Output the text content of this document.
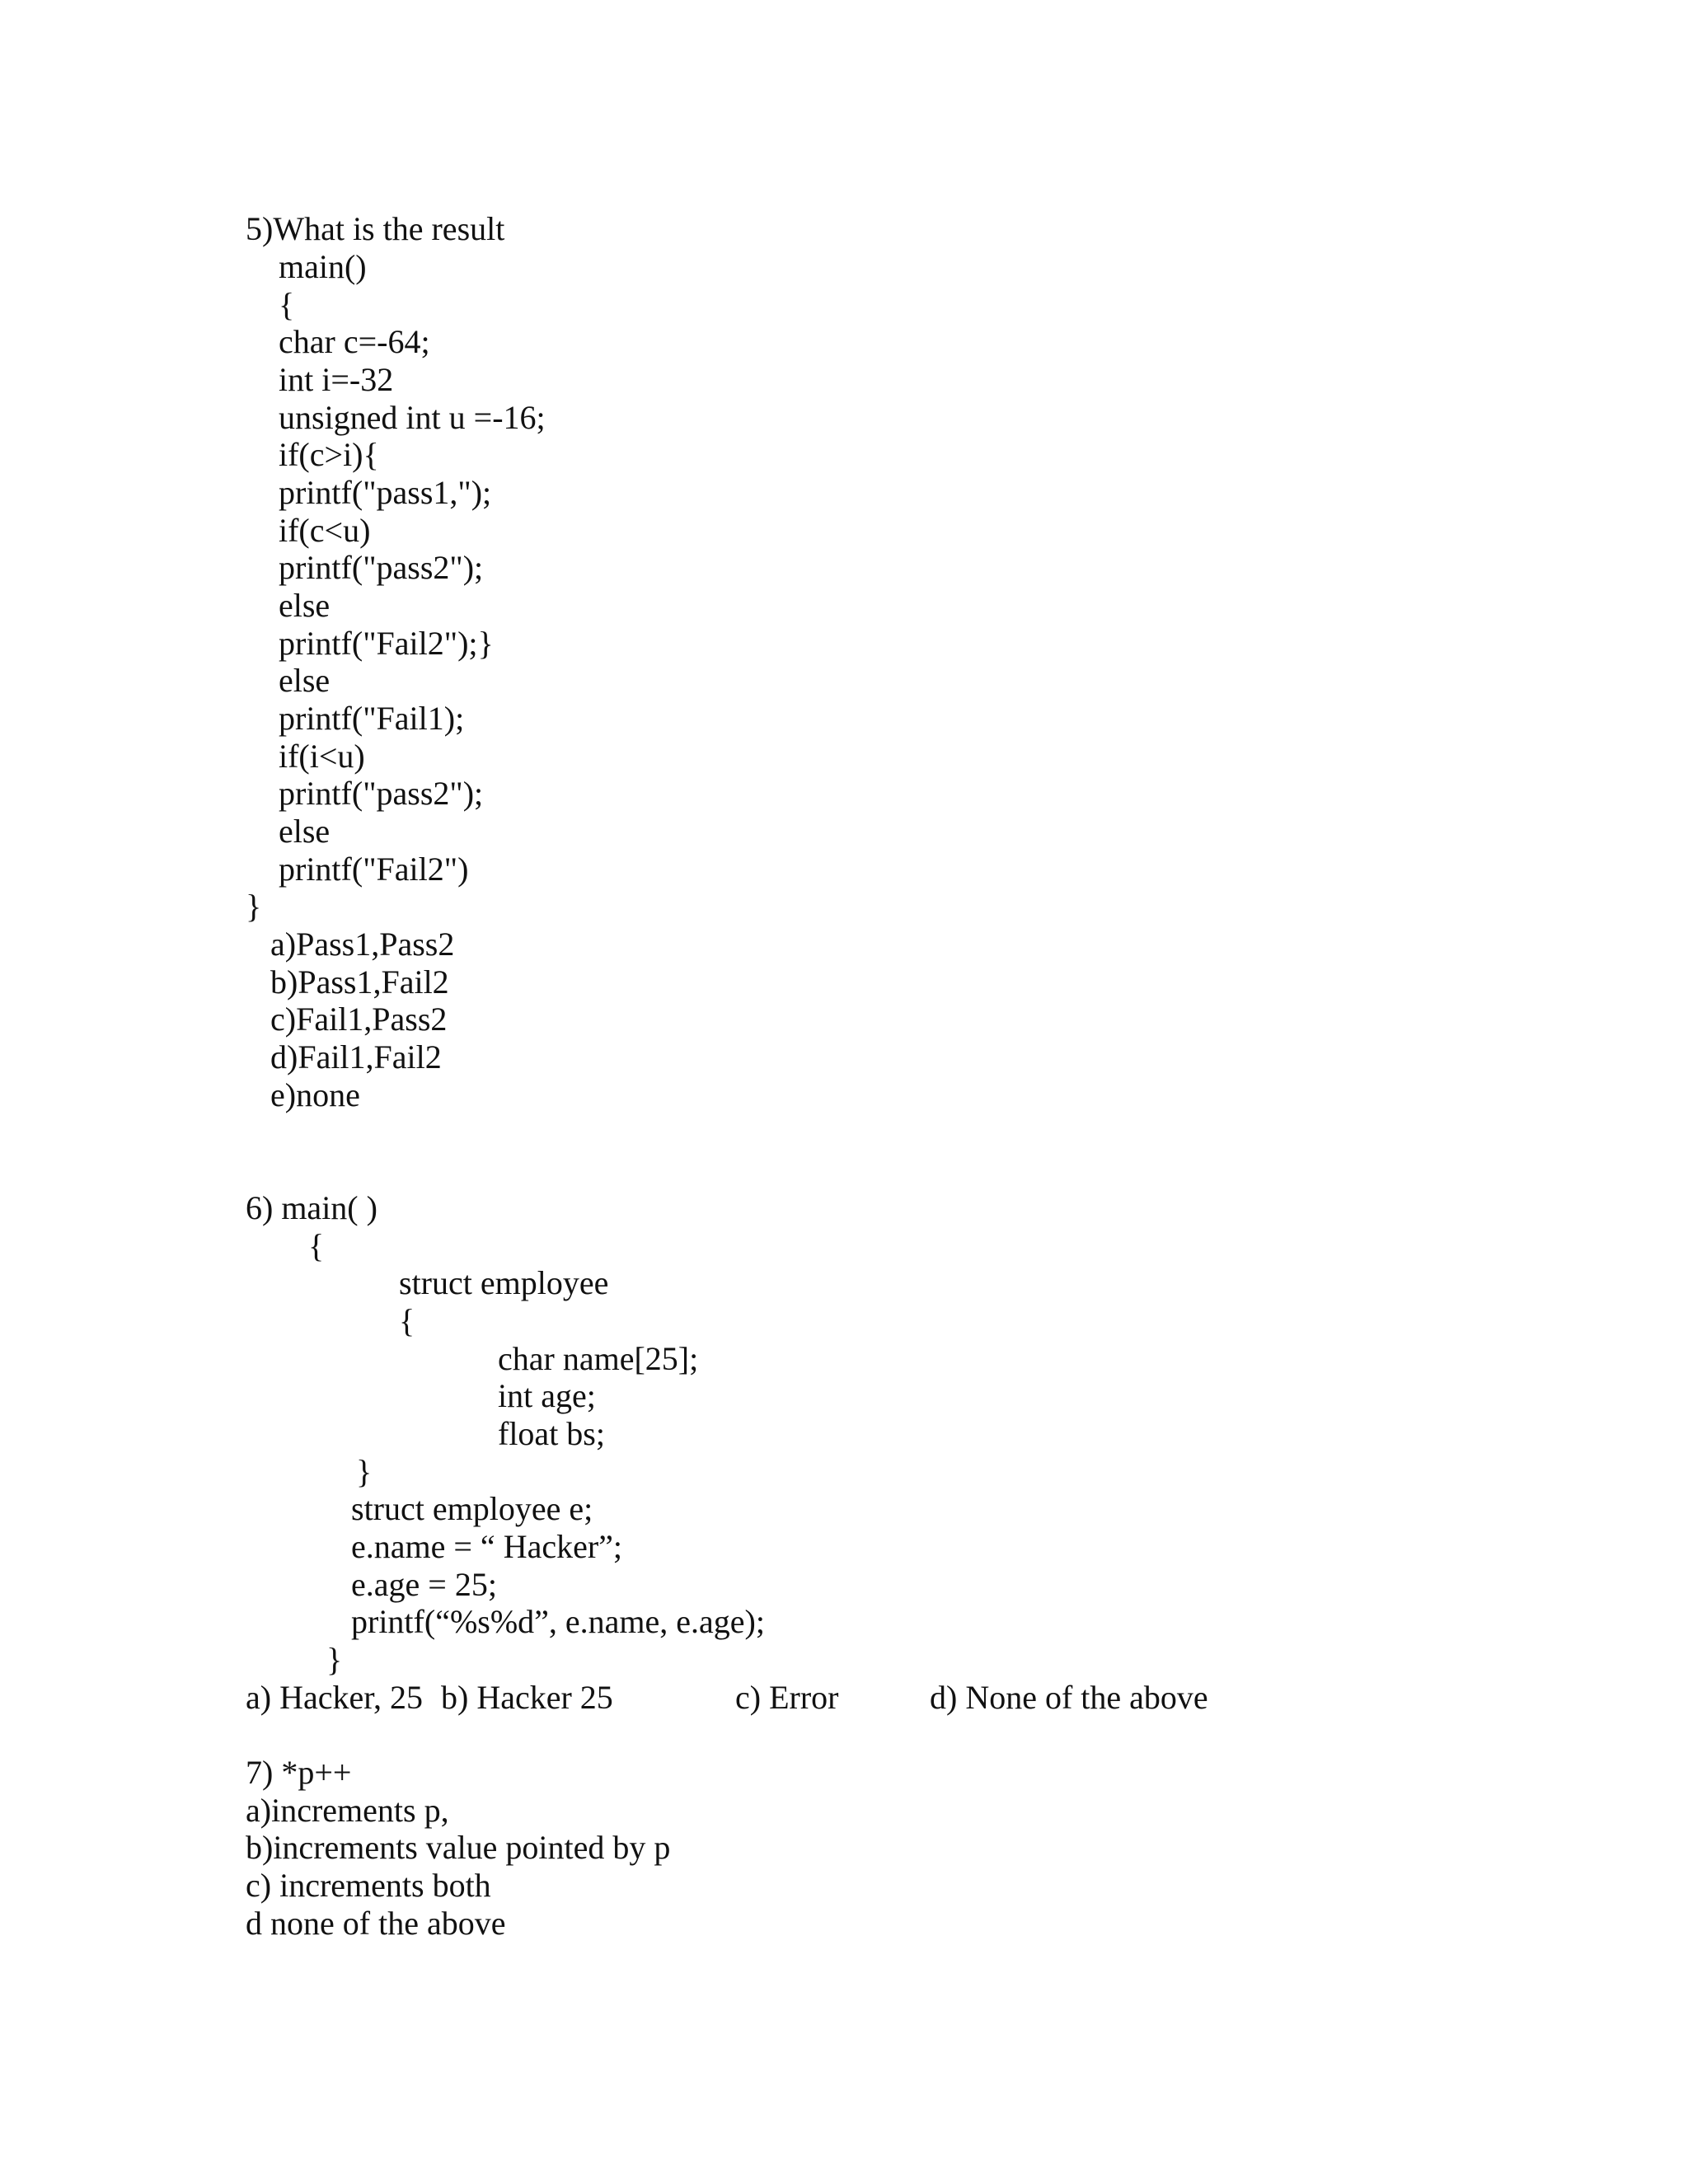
5)What is the result
main()
{
char c=-64;
int i=-32
unsigned int u =-16;
if(c>i){
printf("pass1,");
if(c<u)
printf("pass2");
else
printf("Fail2");}
else
printf("Fail1);
if(i<u)
printf("pass2");
else
printf("Fail2")
}
a)Pass1,Pass2
b)Pass1,Fail2
c)Fail1,Pass2
d)Fail1,Fail2
e)none
6) main( )
{
struct employee
{
char name[25];
int age;
float bs;
}
struct employee e;
e.name = “ Hacker”;
e.age = 25;
printf(“%s%d”, e.name, e.age);
}
a) Hacker, 25 b) Hacker 25	c) Error	d) None of the above
7) *p++
a)increments p,
b)increments value pointed by p
c) increments both
d none of the above
